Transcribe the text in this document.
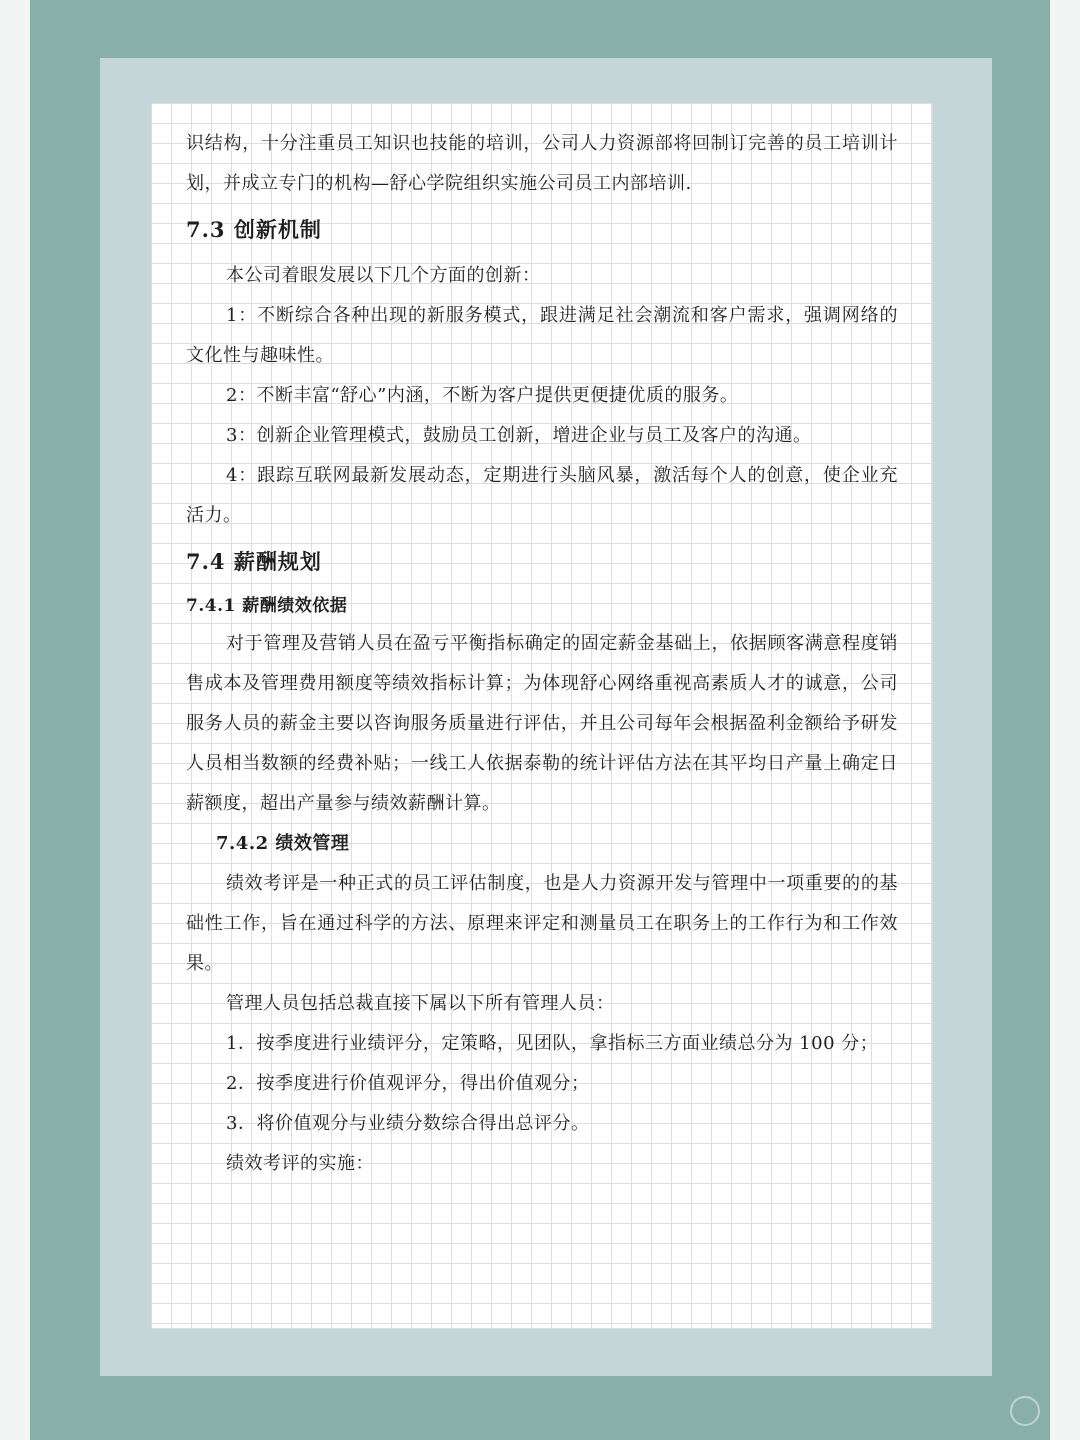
识结构，十分注重员工知识也技能的培训，公司人力资源部将回制订完善的员工培训计划，并成立专门的机构—舒心学院组织实施公司员工内部培训.

7.3 创新机制

本公司着眼发展以下几个方面的创新：

1：不断综合各种出现的新服务模式，跟进满足社会潮流和客户需求，强调网络的文化性与趣味性。

2：不断丰富“舒心”内涵，不断为客户提供更便捷优质的服务。

3：创新企业管理模式，鼓励员工创新，增进企业与员工及客户的沟通。

4：跟踪互联网最新发展动态，定期进行头脑风暴，激活每个人的创意，使企业充活力。

7.4 薪酬规划
7.4.1 薪酬绩效依据

对于管理及营销人员在盈亏平衡指标确定的固定薪金基础上，依据顾客满意程度销售成本及管理费用额度等绩效指标计算；为体现舒心网络重视高素质人才的诚意，公司服务人员的薪金主要以咨询服务质量进行评估，并且公司每年会根据盈利金额给予研发人员相当数额的经费补贴；一线工人依据泰勒的统计评估方法在其平均日产量上确定日薪额度，超出产量参与绩效薪酬计算。

7.4.2 绩效管理

绩效考评是一种正式的员工评估制度，也是人力资源开发与管理中一项重要的的基础性工作，旨在通过科学的方法、原理来评定和测量员工在职务上的工作行为和工作效果。

管理人员包括总裁直接下属以下所有管理人员：

1．按季度进行业绩评分，定策略，见团队，拿指标三方面业绩总分为 100 分；

2．按季度进行价值观评分，得出价值观分；

3．将价值观分与业绩分数综合得出总评分。

绩效考评的实施：
